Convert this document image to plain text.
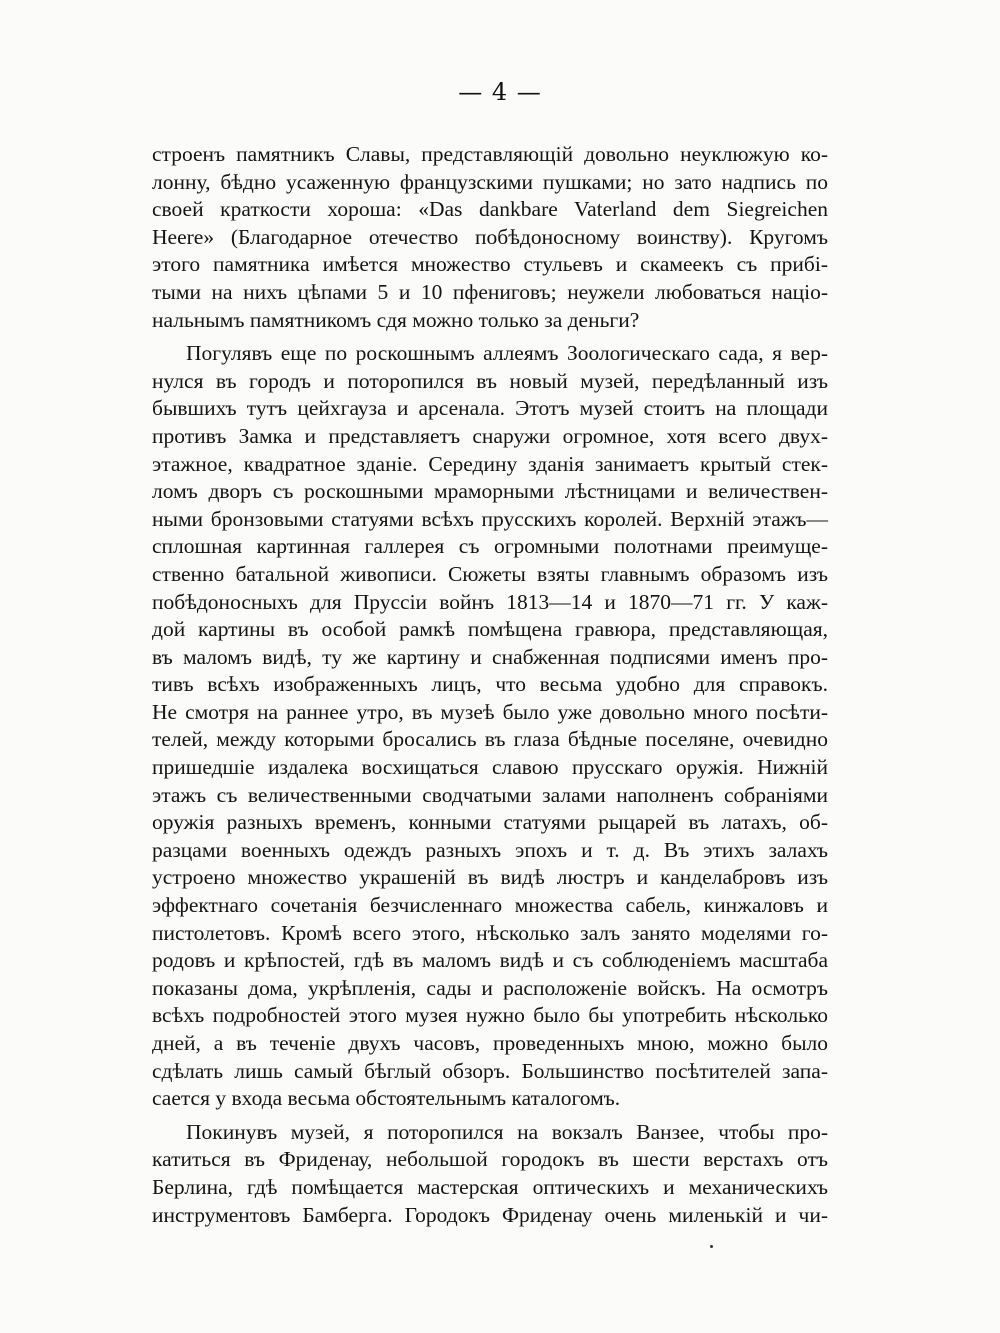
— 4 —
строенъ памятникъ Славы, представляющій довольно неуклюжую ко-
лонну, бѣдно усаженную французскими пушками; но зато надпись по
своей краткости хороша: «Das dankbare Vaterland dem Siegreichen
Heere» (Благодарное отечество побѣдоносному воинству). Кругомъ
этого памятника имѣется множество стульевъ и скамеекъ съ прибі-
тыми на нихъ цѣпами 5 и 10 пфениговъ; неужели любоваться націо-
нальнымъ памятникомъ сдя можно только за деньги?
Погулявъ еще по роскошнымъ аллеямъ Зоологическаго сада, я вер-
нулся въ городъ и поторопился въ новый музей, передѣланный изъ
бывшихъ тутъ цейхгауза и арсенала. Этотъ музей стоитъ на площади
противъ Замка и представляетъ снаружи огромное, хотя всего двух-
этажное, квадратное зданіе. Середину зданія занимаетъ крытый стек-
ломъ дворъ съ роскошными мраморными лѣстницами и величествен-
ными бронзовыми статуями всѣхъ прусскихъ королей. Верхній этажъ—
сплошная картинная галлерея съ огромными полотнами преимуще-
ственно батальной живописи. Сюжеты взяты главнымъ образомъ изъ
побѣдоносныхъ для Пруссіи войнъ 1813—14 и 1870—71 гг. У каж-
дой картины въ особой рамкѣ помѣщена гравюра, представляющая,
въ маломъ видѣ, ту же картину и снабженная подписями именъ про-
тивъ всѣхъ изображенныхъ лицъ, что весьма удобно для справокъ.
Не смотря на раннее утро, въ музеѣ было уже довольно много посѣти-
телей, между которыми бросались въ глаза бѣдные поселяне, очевидно
пришедшіе издалека восхищаться славою прусскаго оружія. Нижній
этажъ съ величественными сводчатыми залами наполненъ собраніями
оружія разныхъ временъ, конными статуями рыцарей въ латахъ, об-
разцами военныхъ одеждъ разныхъ эпохъ и т. д. Въ этихъ залахъ
устроено множество украшеній въ видѣ люстръ и канделабровъ изъ
эффектнаго сочетанія безчисленнаго множества сабель, кинжаловъ и
пистолетовъ. Кромѣ всего этого, нѣсколько залъ занято моделями го-
родовъ и крѣпостей, гдѣ въ маломъ видѣ и съ соблюденіемъ масштаба
показаны дома, укрѣпленія, сады и расположеніе войскъ. На осмотръ
всѣхъ подробностей этого музея нужно было бы употребить нѣсколько
дней, а въ теченіе двухъ часовъ, проведенныхъ мною, можно было
сдѣлать лишь самый бѣглый обзоръ. Большинство посѣтителей запа-
сается у входа весьма обстоятельнымъ каталогомъ.
Покинувъ музей, я поторопился на вокзалъ Ванзее, чтобы про-
катиться въ Фриденау, небольшой городокъ въ шести верстахъ отъ
Берлина, гдѣ помѣщается мастерская оптическихъ и механическихъ
инструментовъ Бамберга. Городокъ Фриденау очень миленькій и чи-
